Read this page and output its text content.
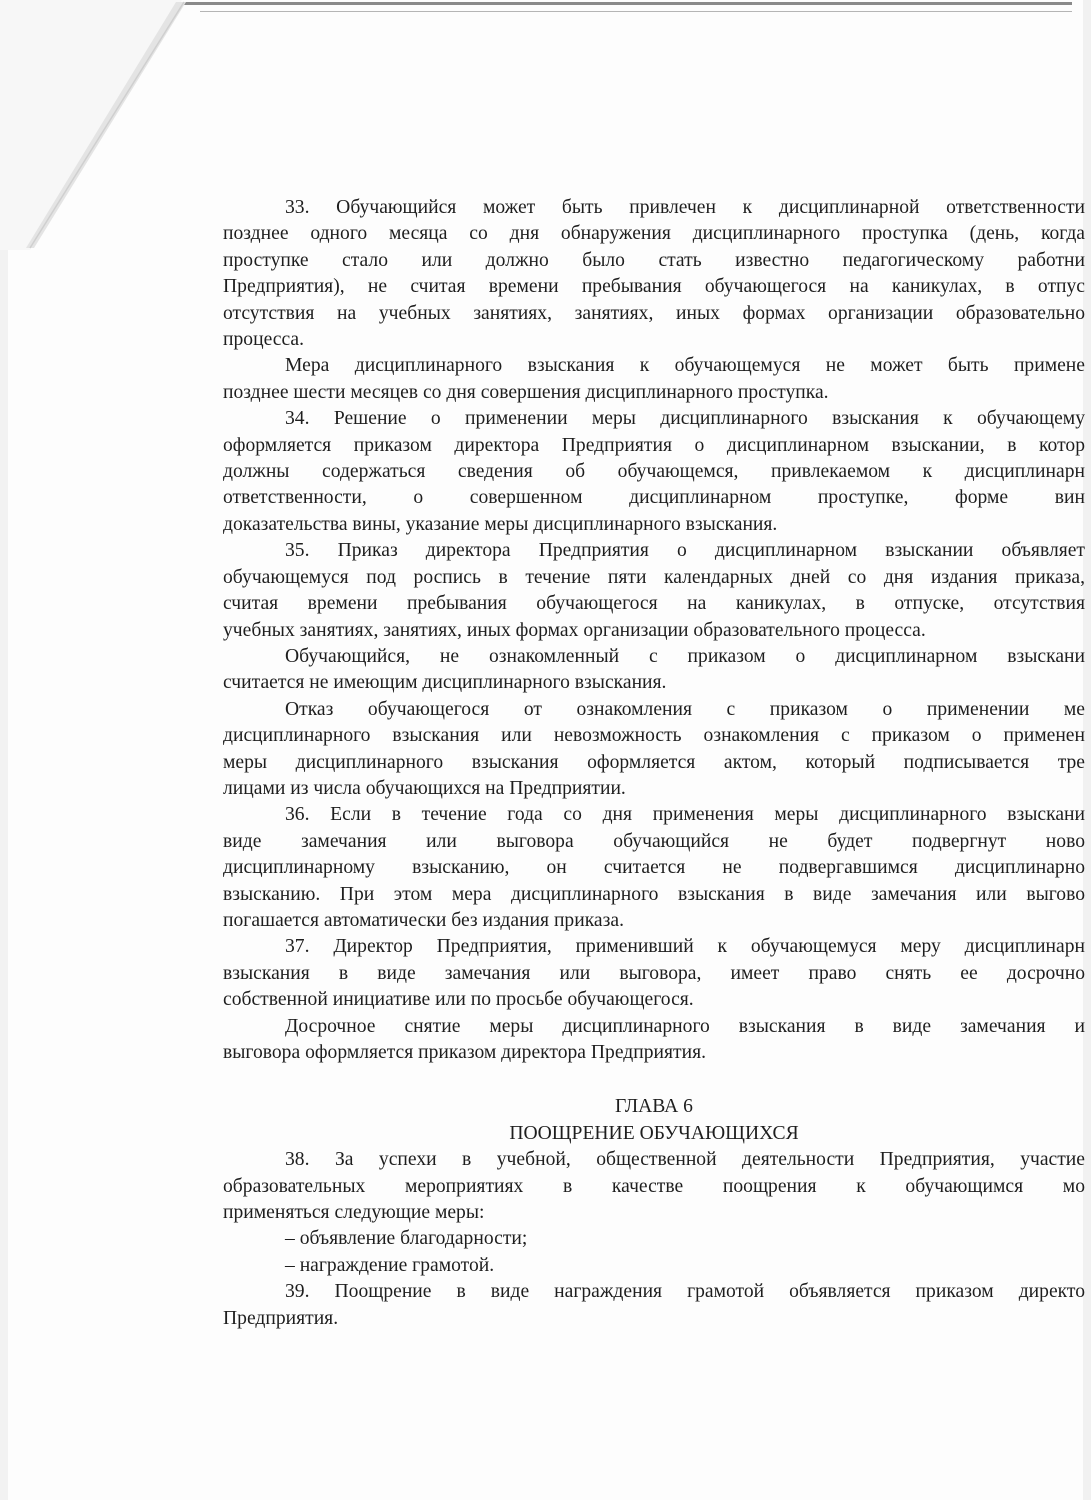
33. Обучающийся может быть привлечен к дисциплинарной ответственности
позднее одного месяца со дня обнаружения дисциплинарного проступка (день, когда
проступке стало или должно было стать известно педагогическому работни
Предприятия), не считая времени пребывания обучающегося на каникулах, в отпус
отсутствия на учебных занятиях, занятиях, иных формах организации образовательно
процесса.
Мера дисциплинарного взыскания к обучающемуся не может быть примене
позднее шести месяцев со дня совершения дисциплинарного проступка.
34. Решение о применении меры дисциплинарного взыскания к обучающему
оформляется приказом директора Предприятия о дисциплинарном взыскании, в котор
должны содержаться сведения об обучающемся, привлекаемом к дисциплинарн
ответственности, о совершенном дисциплинарном проступке, форме вин
доказательства вины, указание меры дисциплинарного взыскания.
35. Приказ директора Предприятия о дисциплинарном взыскании объявляет
обучающемуся под роспись в течение пяти календарных дней со дня издания приказа,
считая времени пребывания обучающегося на каникулах, в отпуске, отсутствия
учебных занятиях, занятиях, иных формах организации образовательного процесса.
Обучающийся, не ознакомленный с приказом о дисциплинарном взыскани
считается не имеющим дисциплинарного взыскания.
Отказ обучающегося от ознакомления с приказом о применении ме
дисциплинарного взыскания или невозможность ознакомления с приказом о применен
меры дисциплинарного взыскания оформляется актом, который подписывается тре
лицами из числа обучающихся на Предприятии.
36. Если в течение года со дня применения меры дисциплинарного взыскани
виде замечания или выговора обучающийся не будет подвергнут ново
дисциплинарному взысканию, он считается не подвергавшимся дисциплинарно
взысканию. При этом мера дисциплинарного взыскания в виде замечания или выгово
погашается автоматически без издания приказа.
37. Директор Предприятия, применивший к обучающемуся меру дисциплинарн
взыскания в виде замечания или выговора, имеет право снять ее досрочно
собственной инициативе или по просьбе обучающегося.
Досрочное снятие меры дисциплинарного взыскания в виде замечания и
выговора оформляется приказом директора Предприятия.
ГЛАВА 6
ПООЩРЕНИЕ ОБУЧАЮЩИХСЯ
38. За успехи в учебной, общественной деятельности Предприятия, участие
образовательных мероприятиях в качестве поощрения к обучающимся мо
применяться следующие меры:
– объявление благодарности;
– награждение грамотой.
39. Поощрение в виде награждения грамотой объявляется приказом директо
Предприятия.
